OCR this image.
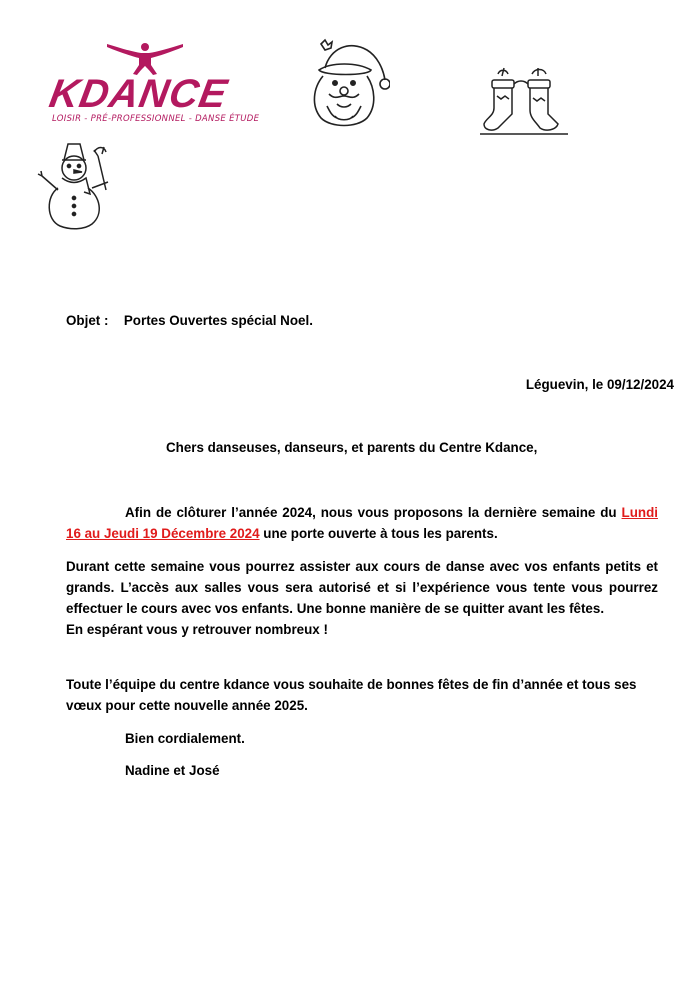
KDANCE
LOISIR - PRÉ-PROFESSIONNEL - DANSE ÉTUDE
Objet : Portes Ouvertes spécial Noel.
Léguevin, le 09/12/2024
Chers danseuses, danseurs, et parents du Centre Kdance,

Afin de clôturer l’année 2024, nous vous proposons la dernière semaine du Lundi 16 au Jeudi 19 Décembre 2024 une porte ouverte à tous les parents.

Durant cette semaine vous pourrez assister aux cours de danse avec vos enfants petits et grands. L’accès aux salles vous sera autorisé et si l’expérience vous tente vous pourrez effectuer le cours avec vos enfants. Une bonne manière de se quitter avant les fêtes.

En espérant vous y retrouver nombreux !

Toute l’équipe du centre kdance vous souhaite de bonnes fêtes de fin d’année et tous ses vœux pour cette nouvelle année 2025.

Bien cordialement.
Nadine et José
